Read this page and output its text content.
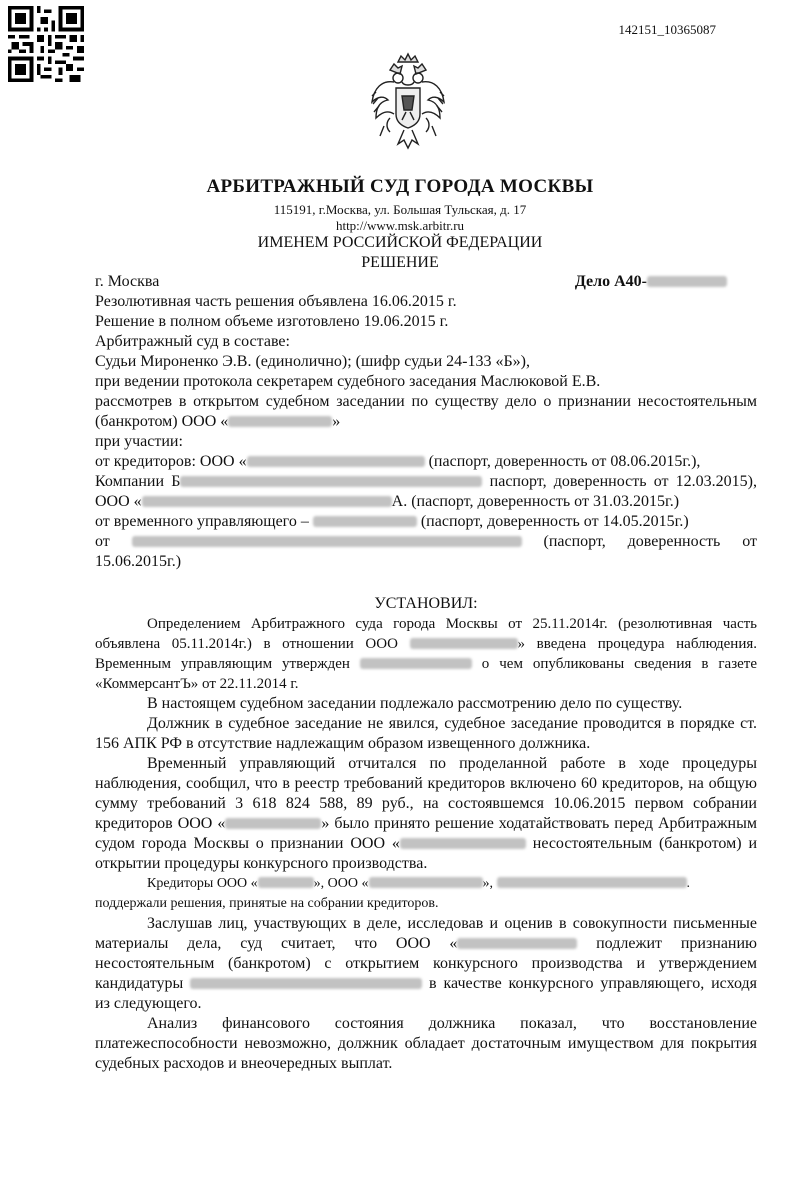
142151_10365087
АРБИТРАЖНЫЙ СУД ГОРОДА МОСКВЫ
115191, г.Москва, ул. Большая Тульская, д. 17
http://www.msk.arbitr.ru
ИМЕНЕМ РОССИЙСКОЙ ФЕДЕРАЦИИ
РЕШЕНИЕ
г. Москва	Дело А40-

Резолютивная часть решения объявлена 16.06.2015 г.

Решение в полном объеме изготовлено 19.06.2015 г.

Арбитражный суд в составе:

Судьи Мироненко Э.В. (единолично); (шифр судьи 24-133 «Б»),

при ведении протокола секретарем судебного заседания Маслюковой Е.В.

рассмотрев в открытом судебном заседании по существу дело о признании несостоятельным (банкротом) ООО «	»

при участии:

от кредиторов: ООО «	(паспорт, доверенность от 08.06.2015г.),

Компании Б	паспорт, доверенность от 12.03.2015), ООО «	А. (паспорт, доверенность от 31.03.2015г.)

от временного управляющего –	(паспорт, доверенность от 14.05.2015г.)

от	(паспорт, доверенность от 15.06.2015г.)

УСТАНОВИЛ:

Определением Арбитражного суда города Москвы от 25.11.2014г. (резолютивная часть объявлена 05.11.2014г.) в отношении ООО	» введена процедура наблюдения. Временным управляющим утвержден	о чем опубликованы сведения в газете «КоммерсантЪ» от 22.11.2014 г.

В настоящем судебном заседании подлежало рассмотрению дело по существу.

Должник в судебное заседание не явился, судебное заседание проводится в порядке ст. 156 АПК РФ в отсутствие надлежащим образом извещенного должника.

Временный управляющий отчитался по проделанной работе в ходе процедуры наблюдения, сообщил, что в реестр требований кредиторов включено 60 кредиторов, на общую сумму требований 3 618 824 588, 89 руб., на состоявшемся 10.06.2015 первом собрании кредиторов ООО «	» было принято решение ходатайствовать перед Арбитражным судом города Москвы о признании ООО «	несостоятельным (банкротом) и открытии процедуры конкурсного производства.

Кредиторы ООО «	», ООО «	»,	.
поддержали решения, принятые на собрании кредиторов.

Заслушав лиц, участвующих в деле, исследовав и оценив в совокупности письменные материалы дела, суд считает, что ООО «	подлежит признанию несостоятельным (банкротом) с открытием конкурсного производства и утверждением кандидатуры	в качестве конкурсного управляющего, исходя из следующего.

Анализ финансового состояния должника показал, что восстановление платежеспособности невозможно, должник обладает достаточным имуществом для покрытия судебных расходов и внеочередных выплат.
